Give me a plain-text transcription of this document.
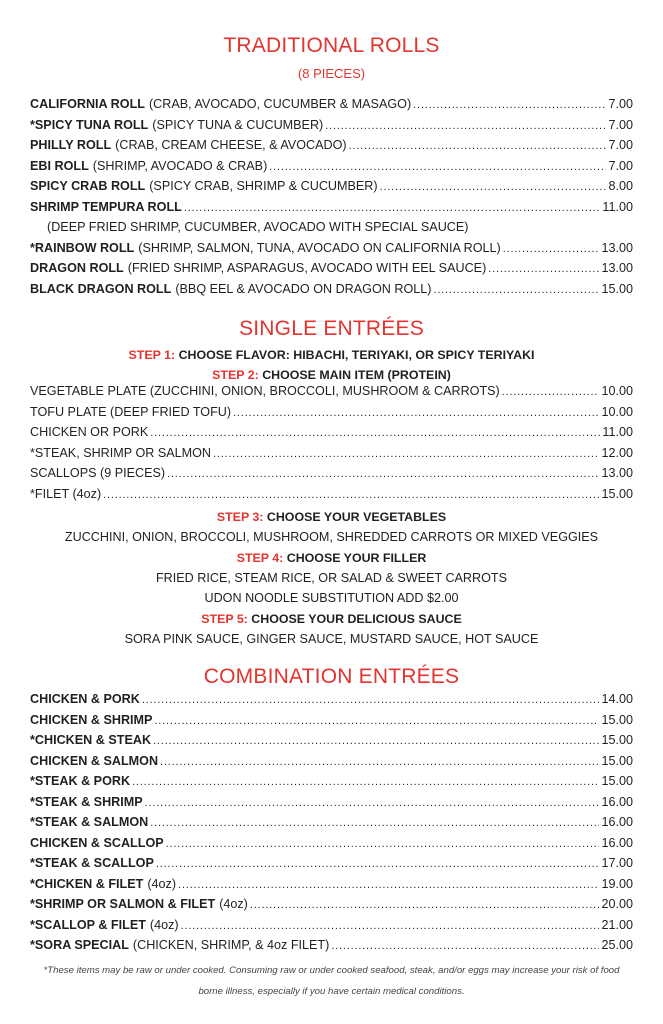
TRADITIONAL ROLLS
(8 PIECES)
CALIFORNIA ROLL (CRAB, AVOCADO, CUCUMBER & MASAGO) .....	7.00
*SPICY TUNA ROLL (SPICY TUNA & CUCUMBER) .....	7.00
PHILLY ROLL (CRAB, CREAM CHEESE, & AVOCADO) .....	7.00
EBI ROLL (SHRIMP, AVOCADO & CRAB) .....	7.00
SPICY CRAB ROLL (SPICY CRAB, SHRIMP & CUCUMBER) .....	8.00
SHRIMP TEMPURA ROLL .....	11.00
(DEEP FRIED SHRIMP, CUCUMBER, AVOCADO WITH SPECIAL SAUCE)
*RAINBOW ROLL (SHRIMP, SALMON, TUNA, AVOCADO ON CALIFORNIA ROLL) .....	13.00
DRAGON ROLL (FRIED SHRIMP, ASPARAGUS, AVOCADO WITH EEL SAUCE) .....	13.00
BLACK DRAGON ROLL (BBQ EEL & AVOCADO ON DRAGON ROLL) .....	15.00
SINGLE ENTRÉES
STEP 1: CHOOSE FLAVOR: HIBACHI, TERIYAKI, OR SPICY TERIYAKI
STEP 2: CHOOSE MAIN ITEM (PROTEIN)
VEGETABLE PLATE (ZUCCHINI, ONION, BROCCOLI, MUSHROOM & CARROTS) .....	10.00
TOFU PLATE (DEEP FRIED TOFU) .....	10.00
CHICKEN OR PORK .....	11.00
*STEAK, SHRIMP OR SALMON .....	12.00
SCALLOPS (9 PIECES) .....	13.00
*FILET (4oz) .....	15.00
STEP 3: CHOOSE YOUR VEGETABLES
ZUCCHINI, ONION, BROCCOLI, MUSHROOM, SHREDDED CARROTS OR MIXED VEGGIES
STEP 4: CHOOSE YOUR FILLER
FRIED RICE, STEAM RICE, OR SALAD & SWEET CARROTS
UDON NOODLE SUBSTITUTION ADD $2.00
STEP 5: CHOOSE YOUR DELICIOUS SAUCE
SORA PINK SAUCE, GINGER SAUCE, MUSTARD SAUCE, HOT SAUCE
COMBINATION ENTRÉES
CHICKEN & PORK .....	14.00
CHICKEN & SHRIMP .....	15.00
*CHICKEN & STEAK .....	15.00
CHICKEN & SALMON .....	15.00
*STEAK & PORK .....	15.00
*STEAK & SHRIMP .....	16.00
*STEAK & SALMON .....	16.00
CHICKEN & SCALLOP .....	16.00
*STEAK & SCALLOP .....	17.00
*CHICKEN & FILET (4oz) .....	19.00
*SHRIMP OR SALMON & FILET (4oz) .....	20.00
*SCALLOP & FILET (4oz) .....	21.00
*SORA SPECIAL (CHICKEN, SHRIMP, & 4oz FILET) .....	25.00
*These items may be raw or under cooked. Consuming raw or under cooked seafood, steak, and/or eggs may increase your risk of food borne illness, especially if you have certain medical conditions.
